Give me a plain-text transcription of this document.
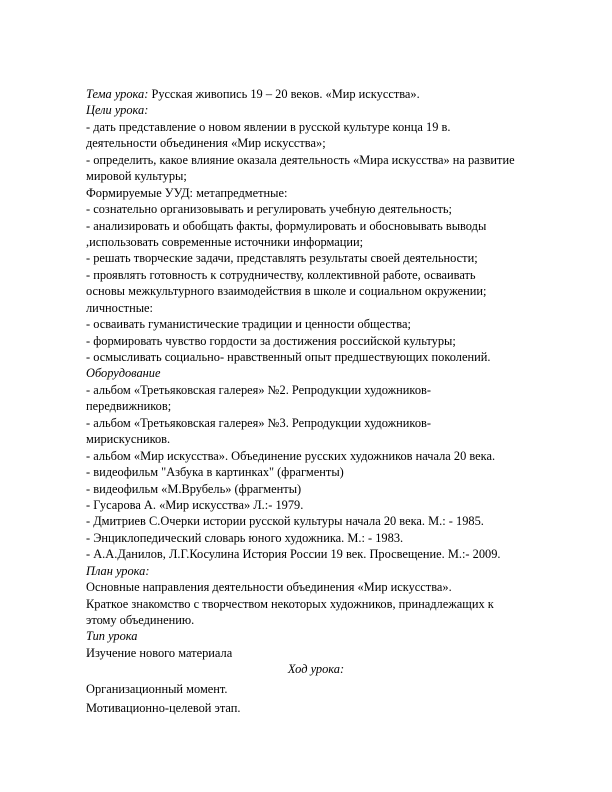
Тема урока: Русская живопись 19 – 20 веков. «Мир искусства».
Цели урока:
- дать представление о новом явлении в русской культуре конца 19 в.
деятельности объединения «Мир искусства»;
- определить, какое влияние оказала деятельность «Мира искусства» на развитие
мировой культуры;
Формируемые УУД: метапредметные:
- сознательно организовывать и регулировать учебную деятельность;
- анализировать и обобщать факты, формулировать и обосновывать выводы
,использовать современные источники информации;
- решать творческие задачи, представлять результаты своей деятельности;
- проявлять готовность к сотрудничеству, коллективной работе, осваивать
основы межкультурного взаимодействия в школе и социальном окружении;
личностные:
- осваивать гуманистические традиции и ценности общества;
- формировать чувство гордости за достижения российской культуры;
- осмысливать социально- нравственный опыт предшествующих поколений.
Оборудование
- альбом «Третьяковская галерея» №2. Репродукции художников-
передвижников;
- альбом «Третьяковская галерея» №3. Репродукции художников-
мирискусников.
- альбом «Мир искусства». Объединение русских художников начала 20 века.
- видеофильм "Азбука в картинках" (фрагменты)
- видеофильм «М.Врубель» (фрагменты)
- Гусарова А. «Мир искусства» Л.:- 1979.
- Дмитриев С.Очерки истории русской культуры начала 20 века. М.: - 1985.
- Энциклопедический словарь юного художника. М.: - 1983.
- А.А.Данилов, Л.Г.Косулина История России 19 век. Просвещение. М.:- 2009.
План урока:
Основные направления деятельности объединения «Мир искусства».
Краткое знакомство с творчеством некоторых художников, принадлежащих к
этому объединению.
Тип урока
Изучение нового материала
Ход урока:
Организационный момент.
Мотивационно-целевой этап.
